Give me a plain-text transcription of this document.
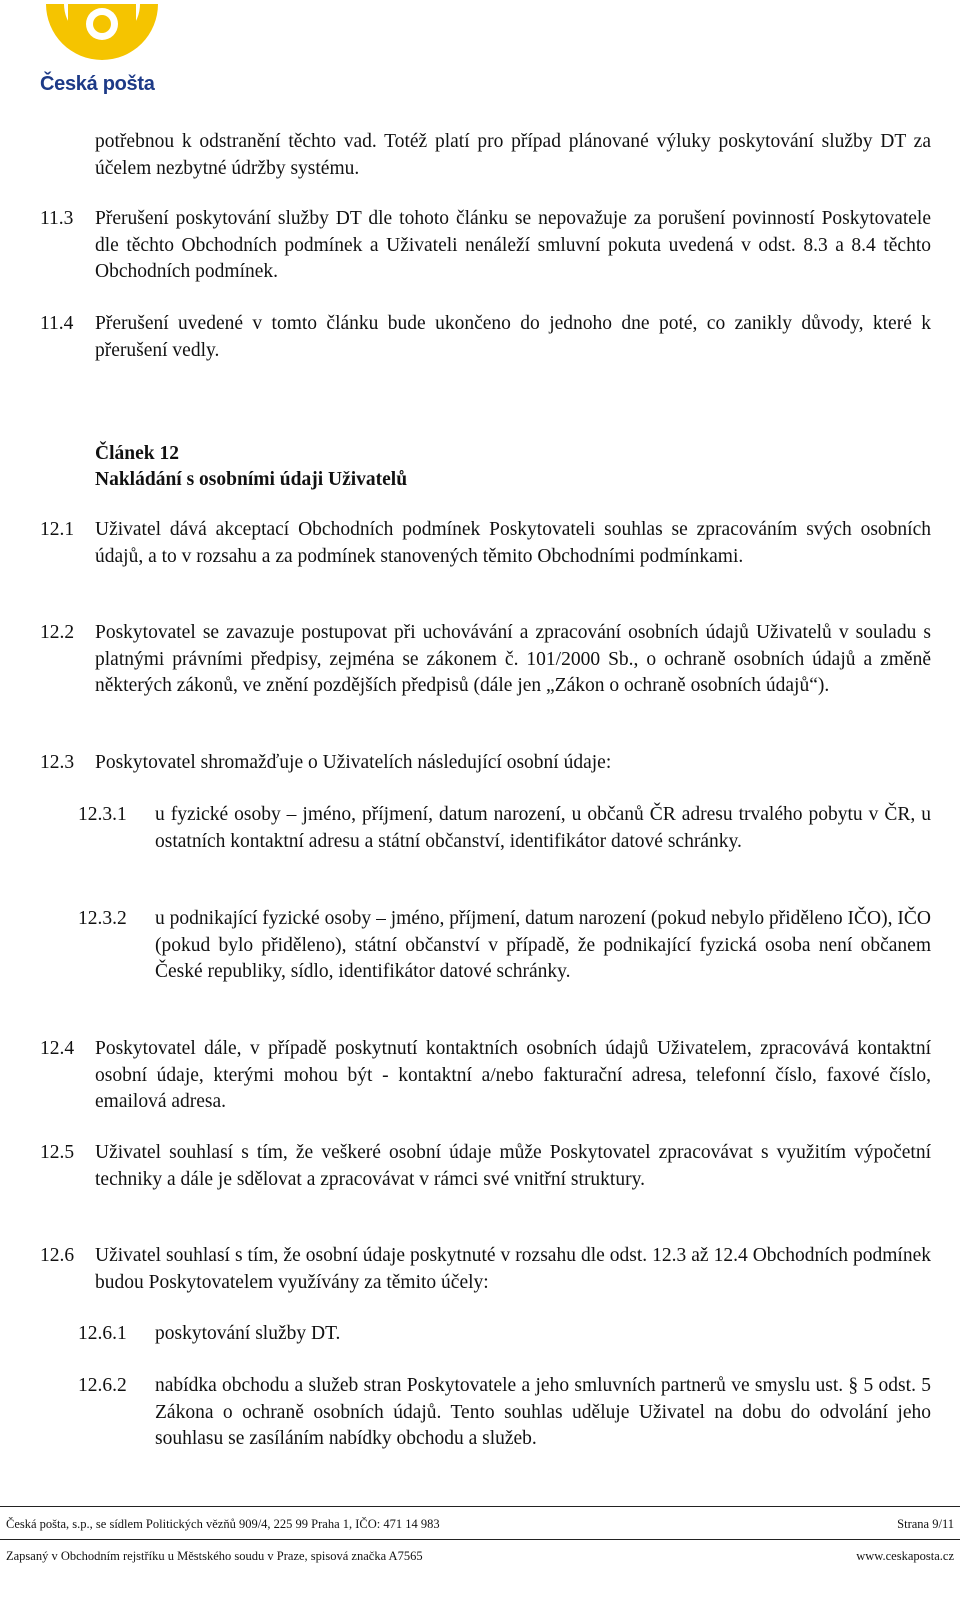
Česká pošta
potřebnou k odstranění těchto vad. Totéž platí pro případ plánované výluky poskytování služby DT za účelem nezbytné údržby systému.
11.3 Přerušení poskytování služby DT dle tohoto článku se nepovažuje za porušení povinností Poskytovatele dle těchto Obchodních podmínek a Uživateli nenáleží smluvní pokuta uvedená v odst. 8.3 a 8.4 těchto Obchodních podmínek.
11.4 Přerušení uvedené v tomto článku bude ukončeno do jednoho dne poté, co zanikly důvody, které k přerušení vedly.
Článek 12
Nakládání s osobními údaji Uživatelů
12.1 Uživatel dává akceptací Obchodních podmínek Poskytovateli souhlas se zpracováním svých osobních údajů, a to v rozsahu a za podmínek stanovených těmito Obchodními podmínkami.
12.2 Poskytovatel se zavazuje postupovat při uchovávání a zpracování osobních údajů Uživatelů v souladu s platnými právními předpisy, zejména se zákonem č. 101/2000 Sb., o ochraně osobních údajů a změně některých zákonů, ve znění pozdějších předpisů (dále jen „Zákon o ochraně osobních údajů“).
12.3 Poskytovatel shromažďuje o Uživatelích následující osobní údaje:
12.3.1 u fyzické osoby – jméno, příjmení, datum narození, u občanů ČR adresu trvalého pobytu v ČR, u ostatních kontaktní adresu a státní občanství, identifikátor datové schránky.
12.3.2 u podnikající fyzické osoby – jméno, příjmení, datum narození (pokud nebylo přiděleno IČO), IČO (pokud bylo přiděleno), státní občanství v případě, že podnikající fyzická osoba není občanem České republiky, sídlo, identifikátor datové schránky.
12.4 Poskytovatel dále, v případě poskytnutí kontaktních osobních údajů Uživatelem, zpracovává kontaktní osobní údaje, kterými mohou být - kontaktní a/nebo fakturační adresa, telefonní číslo, faxové číslo, emailová adresa.
12.5 Uživatel souhlasí s tím, že veškeré osobní údaje může Poskytovatel zpracovávat s využitím výpočetní techniky a dále je sdělovat a zpracovávat v rámci své vnitřní struktury.
12.6 Uživatel souhlasí s tím, že osobní údaje poskytnuté v rozsahu dle odst. 12.3 až 12.4 Obchodních podmínek budou Poskytovatelem využívány za těmito účely:
12.6.1 poskytování služby DT.
12.6.2 nabídka obchodu a služeb stran Poskytovatele a jeho smluvních partnerů ve smyslu ust. § 5 odst. 5 Zákona o ochraně osobních údajů. Tento souhlas uděluje Uživatel na dobu do odvolání jeho souhlasu se zasíláním nabídky obchodu a služeb.
Česká pošta, s.p., se sídlem Politických vězňů 909/4, 225 99 Praha 1, IČO: 471 14 983	Strana 9/11
Zapsaný v Obchodním rejstříku u Městského soudu v Praze, spisová značka A7565	www.ceskaposta.cz
